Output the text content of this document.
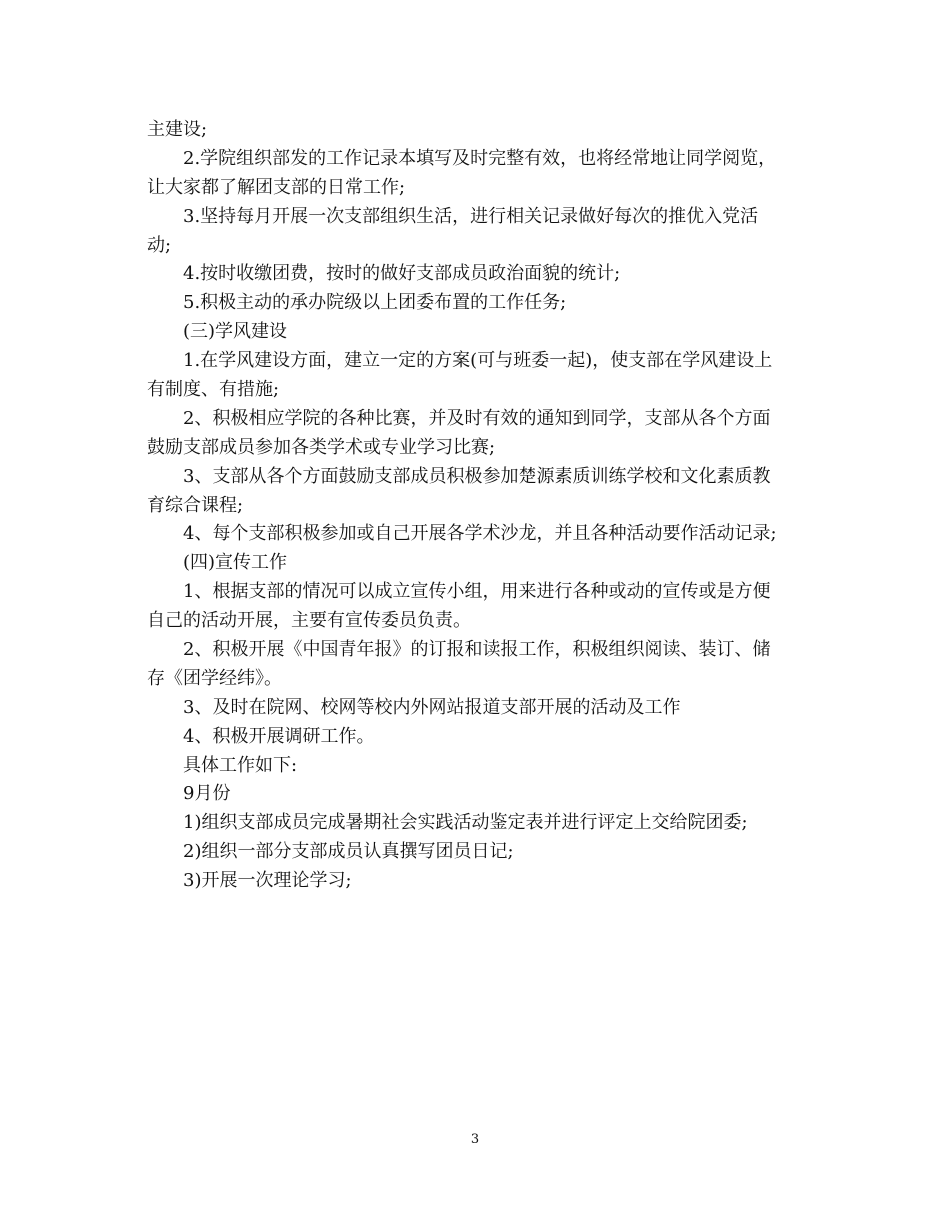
主建设;
2.学院组织部发的工作记录本填写及时完整有效，也将经常地让同学阅览，
让大家都了解团支部的日常工作;
3.坚持每月开展一次支部组织生活，进行相关记录做好每次的推优入党活
动;
4.按时收缴团费，按时的做好支部成员政治面貌的统计;
5.积极主动的承办院级以上团委布置的工作任务;
(三)学风建设
1.在学风建设方面，建立一定的方案(可与班委一起)，使支部在学风建设上
有制度、有措施;
2、积极相应学院的各种比赛，并及时有效的通知到同学，支部从各个方面
鼓励支部成员参加各类学术或专业学习比赛;
3、支部从各个方面鼓励支部成员积极参加楚源素质训练学校和文化素质教
育综合课程;
4、每个支部积极参加或自己开展各学术沙龙，并且各种活动要作活动记录;
(四)宣传工作
1、根据支部的情况可以成立宣传小组，用来进行各种或动的宣传或是方便
自己的活动开展，主要有宣传委员负责。
2、积极开展《中国青年报》的订报和读报工作，积极组织阅读、装订、储
存《团学经纬》。
3、及时在院网、校网等校内外网站报道支部开展的活动及工作
4、积极开展调研工作。
具体工作如下:
9月份
1)组织支部成员完成暑期社会实践活动鉴定表并进行评定上交给院团委;
2)组织一部分支部成员认真撰写团员日记;
3)开展一次理论学习;
3
